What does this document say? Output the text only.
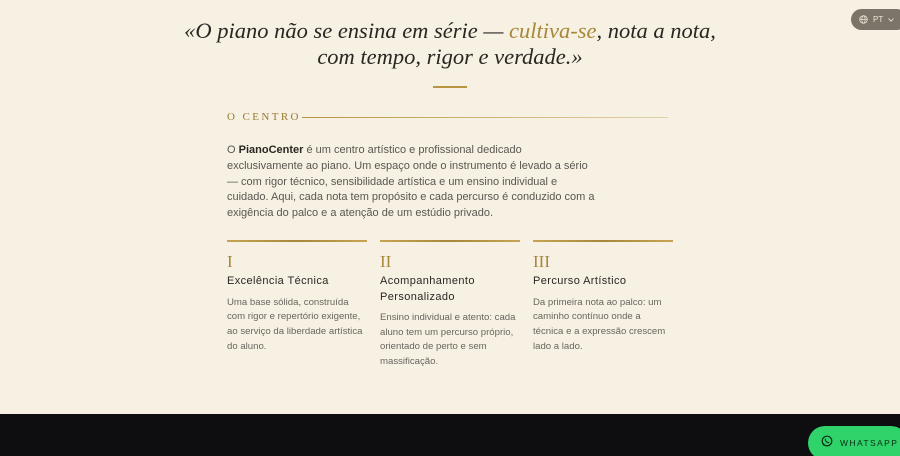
«O piano não se ensina em série — cultiva-se, nota a nota,
com tempo, rigor e verdade.»
O CENTRO

O PianoCenter é um centro artístico e profissional dedicado exclusivamente ao piano. Um espaço onde o instrumento é levado a sério — com rigor técnico, sensibilidade artística e um ensino individual e cuidado. Aqui, cada nota tem propósito e cada percurso é conduzido com a exigência do palco e a atenção de um estúdio privado.

I
Excelência Técnica
Uma base sólida, construída com rigor e repertório exigente, ao serviço da liberdade artística do aluno.
II
Acompanhamento Personalizado
Ensino individual e atento: cada aluno tem um percurso próprio, orientado de perto e sem massificação.
III
Percurso Artístico
Da primeira nota ao palco: um caminho contínuo onde a técnica e a expressão crescem lado a lado.
PT
WHATSAPP
